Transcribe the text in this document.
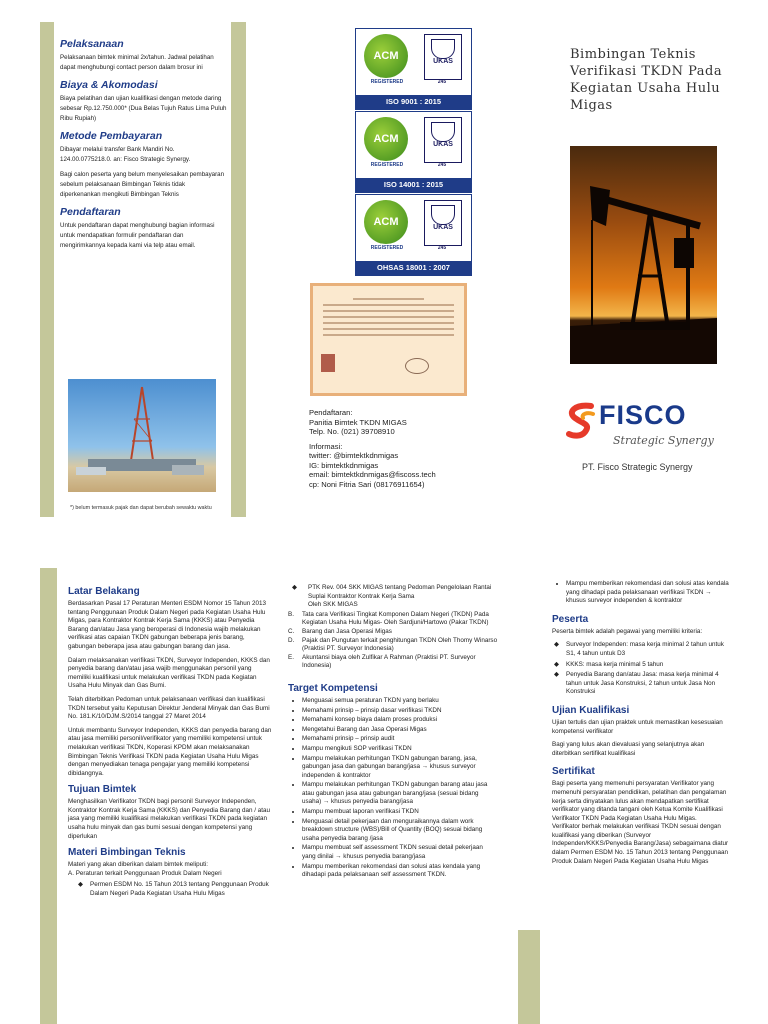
Pelaksanaan
Pelaksanaan bimtek minimal 2x/tahun. Jadwal pelatihan dapat menghubungi contact person dalam brosur ini
Biaya & Akomodasi
Biaya pelatihan dan ujian kualifikasi dengan metode daring sebesar Rp.12.750.000* (Dua Belas Tujuh Ratus Lima Puluh Ribu Rupiah)
Metode Pembayaran
Dibayar melalui transfer Bank Mandiri No. 124.00.0775218.0. an: Fisco Strategic Synergy.
Bagi calon peserta yang belum menyelesaikan pembayaran sebelum pelaksanaan Bimbingan Teknis tidak diperkenankan mengikuti Bimbingan Teknis
Pendaftaran
Untuk pendaftaran dapat menghubungi bagian informasi untuk mendapatkan formulir pendaftaran dan mengirimkannya kepada kami via telp atau email.
*) belum termasuk pajak dan dapat berubah sewaktu waktu
ACM	UKAS
REGISTERED	245
ISO 9001 : 2015
ACM	UKAS
REGISTERED	245
ISO 14001 : 2015
ACM	UKAS
REGISTERED	245
OHSAS 18001 : 2007
Pendaftaran:
Panitia Bimtek TKDN MIGAS
Telp. No. (021) 39708910
Informasi:
twitter: @bimtektkdnmigas
IG: bimtektkdnmigas
email: bimtektkdnmigas@fiscoss.tech
cp: Noni Fitria Sari (08176911654)
Bimbingan Teknis Verifikasi TKDN Pada Kegiatan Usaha Hulu Migas
FISCO
Strategic Synergy
PT. Fisco Strategic Synergy
Latar Belakang

Berdasarkan Pasal 17 Peraturan Menteri ESDM Nomor 15 Tahun 2013 tentang Penggunaan Produk Dalam Negeri pada Kegiatan Usaha Hulu Migas, para Kontraktor Kontrak Kerja Sama (KKKS) atau Penyedia Barang dan/atau Jasa yang beroperasi di Indonesia wajib melakukan verifikasi atas capaian TKDN gabungan beberapa jenis barang, gabungan beberapa jasa atau gabungan barang dan jasa.

Dalam melaksanakan verifikasi TKDN, Surveyor Independen, KKKS dan penyedia barang dan/atau jasa wajib menggunakan personil yang memiliki kualifikasi untuk melakukan verifikasi TKDN pada Kegiatan Usaha Hulu Minyak dan Gas Bumi.

Telah diterbitkan Pedoman untuk pelaksanaan verifikasi dan kualifikasi TKDN tersebut yaitu Keputusan Direktur Jenderal Minyak dan Gas Bumi No. 181.K/10/DJM.S/2014 tanggal 27 Maret 2014

Untuk membantu Surveyor Independen, KKKS dan penyedia barang dan atau jasa memiliki personil/verifikator yang memiliki kompetensi untuk melakukan verifikasi TKDN, Koperasi KPDM akan melaksanakan Bimbingan Teknis Verifikasi TKDN pada Kegiatan Usaha Hulu Migas dengan menyediakan tenaga pengajar yang memiliki kompetensi dibidangnya.

Tujuan Bimtek

Menghasilkan Verifikator TKDN bagi personil Surveyor Independen, Kontraktor Kontrak Kerja Sama (KKKS) dan Penyedia Barang dan / atau jasa yang memiliki kualifikasi melakukan verifikasi TKDN pada kegiatan usaha hulu minyak dan gas bumi sesuai dengan kompetensi yang diperlukan

Materi Bimbingan Teknis
Materi yang akan diberikan dalam bimtek meliputi:
A. Peraturan terkait Penggunaan Produk Dalam Negeri
◆ Permen ESDM No. 15 Tahun 2013 tentang Penggunaan Produk Dalam Negeri Pada Kegiatan Usaha Hulu Migas
◆ PTK Rev. 004 SKK MIGAS tentang Pedoman Pengelolaan Rantai Suplai Kontraktor Kontrak Kerja Sama
Oleh SKK MIGAS
B. Tata cara Verifikasi Tingkat Komponen Dalam Negeri (TKDN) Pada Kegiatan Usaha Hulu Migas- Oleh Sardjuni/Hartowo (Pakar TKDN)
C. Barang dan Jasa Operasi Migas
D. Pajak dan Pungutan terkait penghitungan TKDN Oleh Thomy Winarso (Praktisi PT. Surveyor Indonesia)
E. Akuntansi biaya oleh Zulfikar A Rahman (Praktisi PT. Surveyor Indonesia)
Target Kompetensi
• Menguasai semua peraturan TKDN yang berlaku
• Memahami prinsip – prinsip dasar verifikasi TKDN
• Memahami konsep biaya dalam proses produksi
• Mengetahui Barang dan Jasa Operasi Migas
• Memahami prinsip – prinsip audit
• Mampu mengikuti SOP verifikasi TKDN
• Mampu melakukan perhitungan TKDN gabungan barang, jasa, gabungan jasa dan gabungan barang/jasa → khusus surveyor independen & kontraktor
• Mampu melakukan perhitungan TKDN gabungan barang atau jasa atau gabungan jasa atau gabungan barang/jasa (sesuai bidang usaha) → khusus penyedia barang/jasa
• Mampu membuat laporan verifikasi TKDN
• Menguasai detail pekerjaan dan menguraikannya dalam work breakdown structure (WBS)/Bill of Quantity (BOQ) sesuai bidang usaha penyedia barang /jasa
• Mampu membuat self assessment TKDN sesuai detail pekerjaan yang dinilai → khusus penyedia barang/jasa
• Mampu memberikan rekomendasi dan solusi atas kendala yang dihadapi pada pelaksanaan self assessment TKDN.
• Mampu memberikan rekomendasi dan solusi atas kendala yang dihadapi pada pelaksanaan verifikasi TKDN → khusus surveyor independen & kontraktor
Peserta

Peserta bimtek adalah pegawai yang memiliki kriteria:

◆ Surveyor Independen: masa kerja minimal 2 tahun untuk S1, 4 tahun untuk D3
◆ KKKS: masa kerja minimal 5 tahun
◆ Penyedia Barang dan/atau Jasa: masa kerja minimal 4 tahun untuk Jasa Konstruksi, 2 tahun untuk Jasa Non Konstruksi
Ujian Kualifikasi

Ujian tertulis dan ujian praktek untuk memastikan kesesuaian kompetensi verifikator

Bagi yang lulus akan dievaluasi yang selanjutnya akan diterbitkan sertifikat kualifikasi

Sertifikat

Bagi peserta yang memenuhi persyaratan Verifikator yang memenuhi persyaratan pendidikan, pelatihan dan pengalaman kerja serta dinyatakan lulus akan mendapatkan sertifikat verifikator yang ditanda tangani oleh Ketua Komite Kualifikasi Verifikator TKDN Pada Kegiatan Usaha Hulu Migas.

Verifikator berhak melakukan verifikasi TKDN sesuai dengan kualifikasi yang diberikan (Surveyor Independen/KKKS/Penyedia Barang/Jasa) sebagaimana diatur dalam Permen ESDM No. 15 Tahun 2013 tentang Penggunaan Produk Dalam Negeri Pada Kegiatan Usaha Hulu Migas
